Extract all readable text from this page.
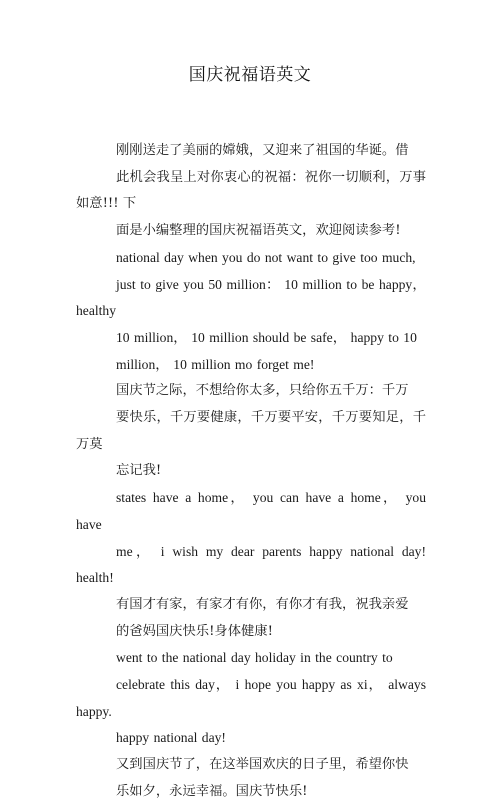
国庆祝福语英文

刚刚送走了美丽的嫦娥，又迎来了祖国的华诞。借
此机会我呈上对你衷心的祝福：祝你一切顺利，万事如意!!! 下
面是小编整理的国庆祝福语英文，欢迎阅读参考!

national day when you do not want to give too much,
just to give you 50 million： 10 million to be happy， healthy
10 million， 10 million should be safe， happy to 10
million， 10 million mo forget me!

国庆节之际，不想给你太多，只给你五千万：千万
要快乐，千万要健康，千万要平安，千万要知足，千万莫
忘记我!

states have a home， you can have a home， you have
me， i wish my dear parents happy national day! health!

有国才有家，有家才有你，有你才有我，祝我亲爱
的爸妈国庆快乐!身体健康!

went to the national day holiday in the country to
celebrate this day， i hope you happy as xi， always happy.
happy national day!

又到国庆节了，在这举国欢庆的日子里，希望你快
乐如夕，永远幸福。国庆节快乐!
